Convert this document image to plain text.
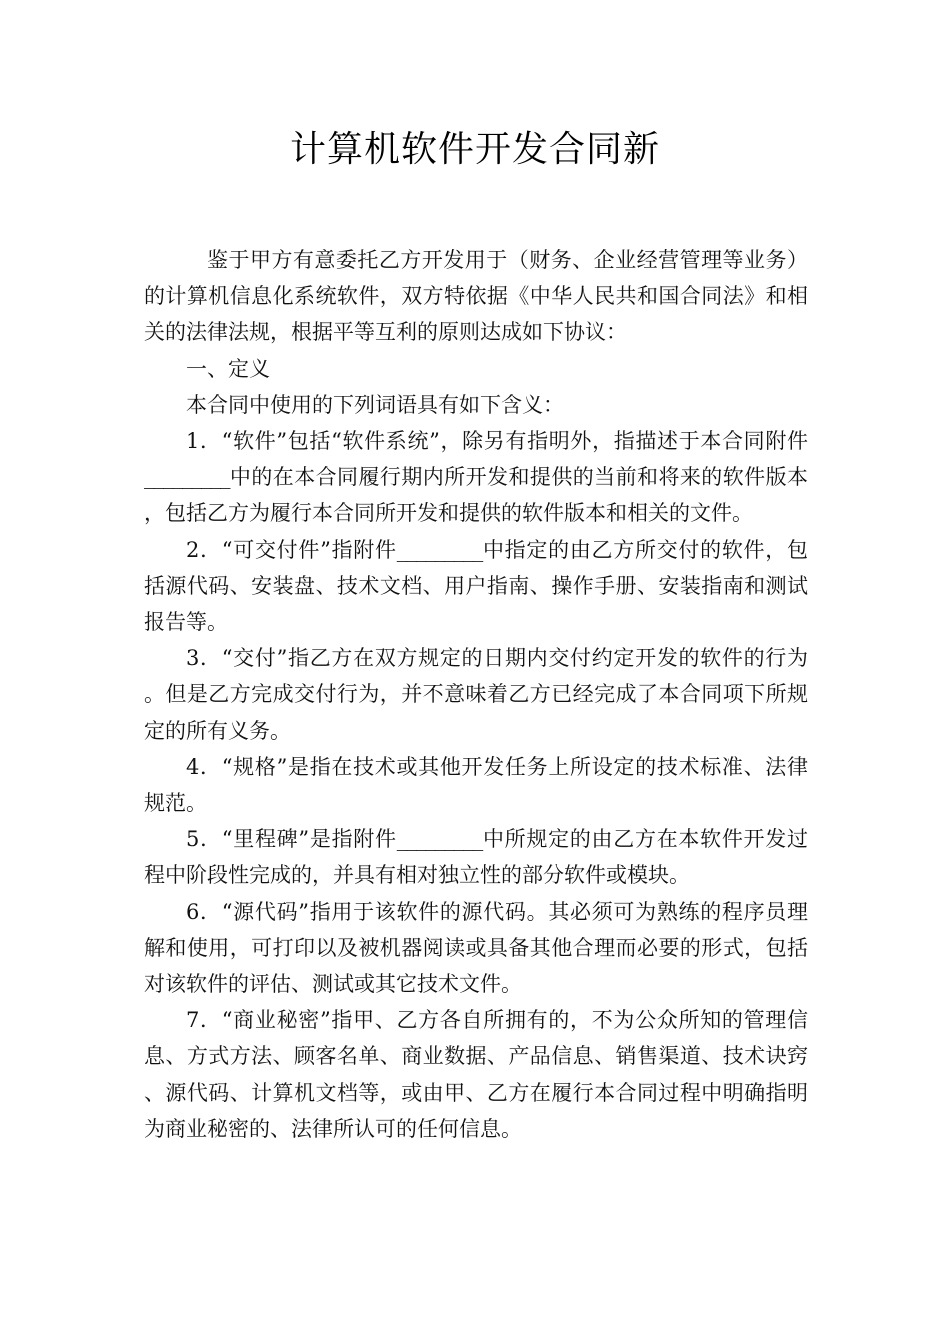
计算机软件开发合同新

鉴于甲方有意委托乙方开发用于（财务、企业经营管理等业务）的计算机信息化系统软件，双方特依据《中华人民共和国合同法》和相关的法律法规，根据平等互利的原则达成如下协议：

一、定义

本合同中使用的下列词语具有如下含义：

1．“软件”包括“软件系统”，除另有指明外，指描述于本合同附件_________中的在本合同履行期内所开发和提供的当前和将来的软件版本，包括乙方为履行本合同所开发和提供的软件版本和相关的文件。

2．“可交付件”指附件_________中指定的由乙方所交付的软件，包括源代码、安装盘、技术文档、用户指南、操作手册、安装指南和测试报告等。

3．“交付”指乙方在双方规定的日期内交付约定开发的软件的行为。但是乙方完成交付行为，并不意味着乙方已经完成了本合同项下所规定的所有义务。

4．“规格”是指在技术或其他开发任务上所设定的技术标准、法律规范。

5．“里程碑”是指附件_________中所规定的由乙方在本软件开发过程中阶段性完成的，并具有相对独立性的部分软件或模块。

6．“源代码”指用于该软件的源代码。其必须可为熟练的程序员理解和使用，可打印以及被机器阅读或具备其他合理而必要的形式，包括对该软件的评估、测试或其它技术文件。

7．“商业秘密”指甲、乙方各自所拥有的，不为公众所知的管理信息、方式方法、顾客名单、商业数据、产品信息、销售渠道、技术诀窍、源代码、计算机文档等，或由甲、乙方在履行本合同过程中明确指明为商业秘密的、法律所认可的任何信息。
